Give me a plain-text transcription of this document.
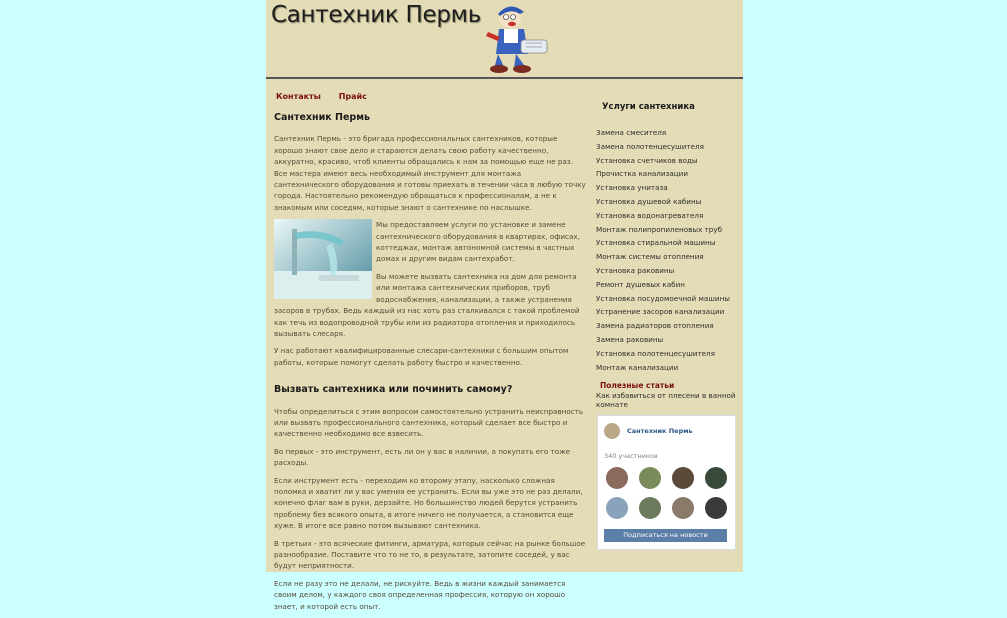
Сантехник Пермь
Контакты Прайс
Сантехник Пермь

Сантехник Пермь - это бригада профессиональных сантехников, которые хорошо знают свое дело и стараются делать свою работу качественно, аккуратно, красиво, чтоб клиенты обращались к нам за помощью еще не раз. Все мастера имеют весь необходимый инструмент для монтажа сантехнического оборудования и готовы приехать в течении часа в любую точку города. Настоятельно рекомендую обращаться к профессионалам, а не к знакомым или соседям, которые знают о сантехнике по наслышке.

Мы предоставляем услуги по установке и замене сантехнического оборудования в квартирах, офисах, коттеджах, монтаж автономной системы в частных домах и другим видам сантехработ.

Вы можете вызвать сантехника на дом для ремонта или монтажа сантехнических приборов, труб водоснабжения, канализации, а также устранения засоров в трубах. Ведь каждый из нас хоть раз сталкивался с такой проблемой как течь из водопроводной трубы или из радиатора отопления и приходилось вызывать слесаря.

У нас работают квалифицированные слесари-сантехники с большим опытом работы, которые помогут сделать работу быстро и качественно.

Вызвать сантехника или починить самому?

Чтобы определиться с этим вопросом самостоятельно устранить неисправность или вызвать профессионального сантехника, который сделает все быстро и качественно необходимо все взвесить.

Во первых - это инструмент, есть ли он у вас в наличии, а покупать его тоже расходы.

Если инструмент есть - переходим ко второму этапу, насколько сложная поломка и хватит ли у вас умения ее устранить. Если вы уже это не раз делали, конечно флаг вам в руки, дерзайте. Но большинство людей берутся устранить проблему без всякого опыта, в итоге ничего не получается, а становится еще хуже. В итоге все равно потом вызывают сантехника.

В третьих - это всяческие фитинги, арматура, которых сейчас на рынке большое разнообразие. Поставите что то не то, в результате, затопите соседей, у вас будут неприятности.

Если не разу это не делали, не рискуйте. Ведь в жизни каждый занимается своим делом, у каждого своя определенная профессия, которую он хорошо знает, и которой есть опыт.

Услуги сантехника
Замена смесителя
Замена полотенцесушителя
Установка счетчиков воды
Прочистка канализации
Установка унитаза
Установка душевой кабины
Установка водонагревателя
Монтаж полипропиленовых труб
Установка стиральной машины
Монтаж системы отопления
Установка раковины
Ремонт душевых кабин
Установка посудомоечной машины
Устранение засоров канализации
Замена радиаторов отопления
Замена раковины
Установка полотенцесушителя
Монтаж канализации
Полезные статьи
Как избавиться от плесени в ванной комнате
Сантехник Пермь
340 участников
Подписаться на новости
